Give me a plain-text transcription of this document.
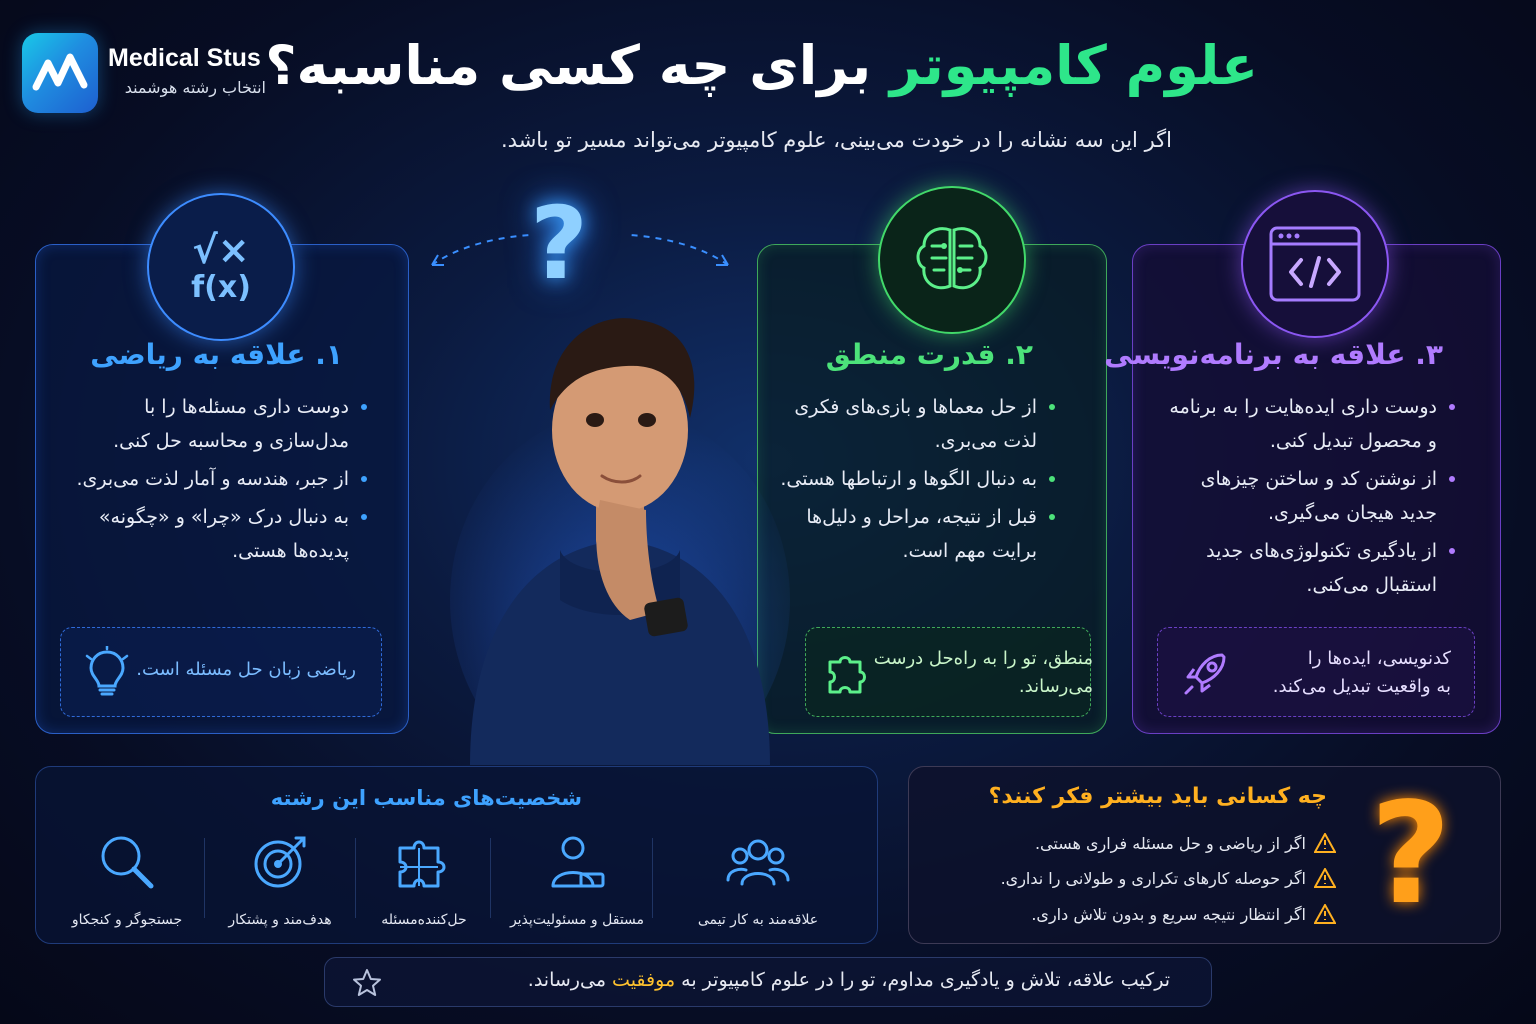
Medical Stus
انتخاب رشته هوشمند	علوم کامپیوتر برای چه کسی مناسبه؟
اگر این سه نشانه را در خودت می‌بینی، علوم کامپیوتر می‌تواند مسیر تو باشد.
√×
f(x)
۱. علاقه به ریاضی	۲. قدرت منطق	۳. علاقه به برنامه‌نویسی
دوست داری مسئله‌ها را با مدل‌سازی و محاسبه حل کنی.
از جبر، هندسه و آمار لذت می‌بری.
به دنبال درک «چرا» و «چگونه» پدیده‌ها هستی.
از حل معماها و بازی‌های فکری لذت می‌بری.
به دنبال الگوها و ارتباطها هستی.
قبل از نتیجه، مراحل و دلیل‌ها برایت مهم است.
دوست داری ایده‌هایت را به برنامه و محصول تبدیل کنی.
از نوشتن کد و ساختن چیزهای جدید هیجان می‌گیری.
از یادگیری تکنولوژی‌های جدید استقبال می‌کنی.
ریاضی زبان حل مسئله است.
منطق، تو را به راه‌حل درست
می‌رساند.
کدنویسی، ایده‌ها را
به واقعیت تبدیل می‌کند.
?
شخصیت‌های مناسب این رشته
علاقه‌مند به کار تیمی
مستقل و مسئولیت‌پذیر
حل‌کننده‌مسئله
هدف‌مند و پشتکار
جستجوگر و کنجکاو
چه کسانی باید بیشتر فکر کنند؟
اگر از ریاضی و حل مسئله فراری هستی.
اگر حوصله کارهای تکراری و طولانی را نداری.
اگر انتظار نتیجه سریع و بدون تلاش داری. ?
ترکیب علاقه، تلاش و یادگیری مداوم، تو را در علوم کامپیوتر به موفقیت می‌رساند.
